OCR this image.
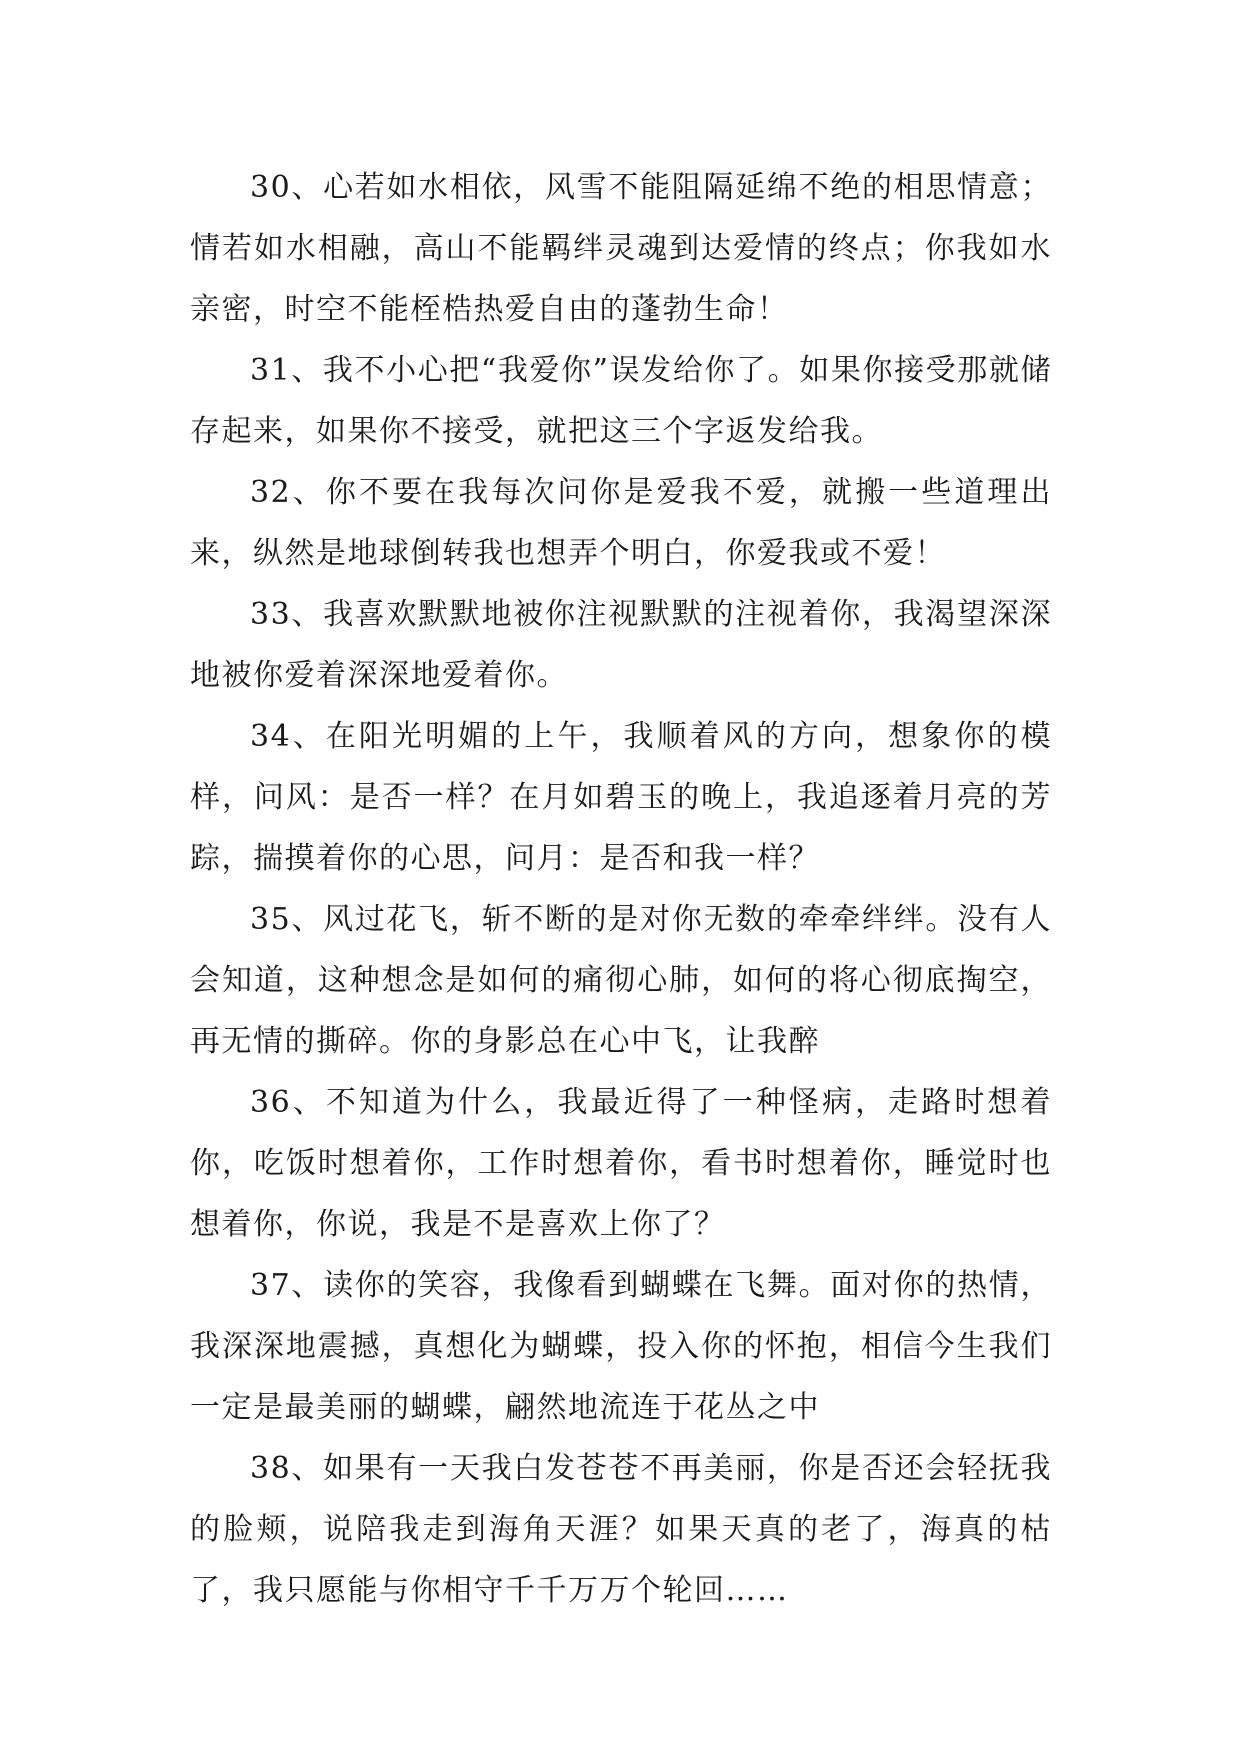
30、心若如水相依，风雪不能阻隔延绵不绝的相思情意；情若如水相融，高山不能羁绊灵魂到达爱情的终点；你我如水亲密，时空不能桎梏热爱自由的蓬勃生命！

31、我不小心把“我爱你”误发给你了。如果你接受那就储存起来，如果你不接受，就把这三个字返发给我。

32、你不要在我每次问你是爱我不爱，就搬一些道理出来，纵然是地球倒转我也想弄个明白，你爱我或不爱！

33、我喜欢默默地被你注视默默的注视着你，我渴望深深地被你爱着深深地爱着你。

34、在阳光明媚的上午，我顺着风的方向，想象你的模样，问风：是否一样？在月如碧玉的晚上，我追逐着月亮的芳踪，揣摸着你的心思，问月：是否和我一样？

35、风过花飞，斩不断的是对你无数的牵牵绊绊。没有人会知道，这种想念是如何的痛彻心肺，如何的将心彻底掏空，再无情的撕碎。你的身影总在心中飞，让我醉

36、不知道为什么，我最近得了一种怪病，走路时想着你，吃饭时想着你，工作时想着你，看书时想着你，睡觉时也想着你，你说，我是不是喜欢上你了？

37、读你的笑容，我像看到蝴蝶在飞舞。面对你的热情，我深深地震撼，真想化为蝴蝶，投入你的怀抱，相信今生我们一定是最美丽的蝴蝶，翩然地流连于花丛之中

38、如果有一天我白发苍苍不再美丽，你是否还会轻抚我的脸颊，说陪我走到海角天涯？如果天真的老了，海真的枯了，我只愿能与你相守千千万万个轮回……
